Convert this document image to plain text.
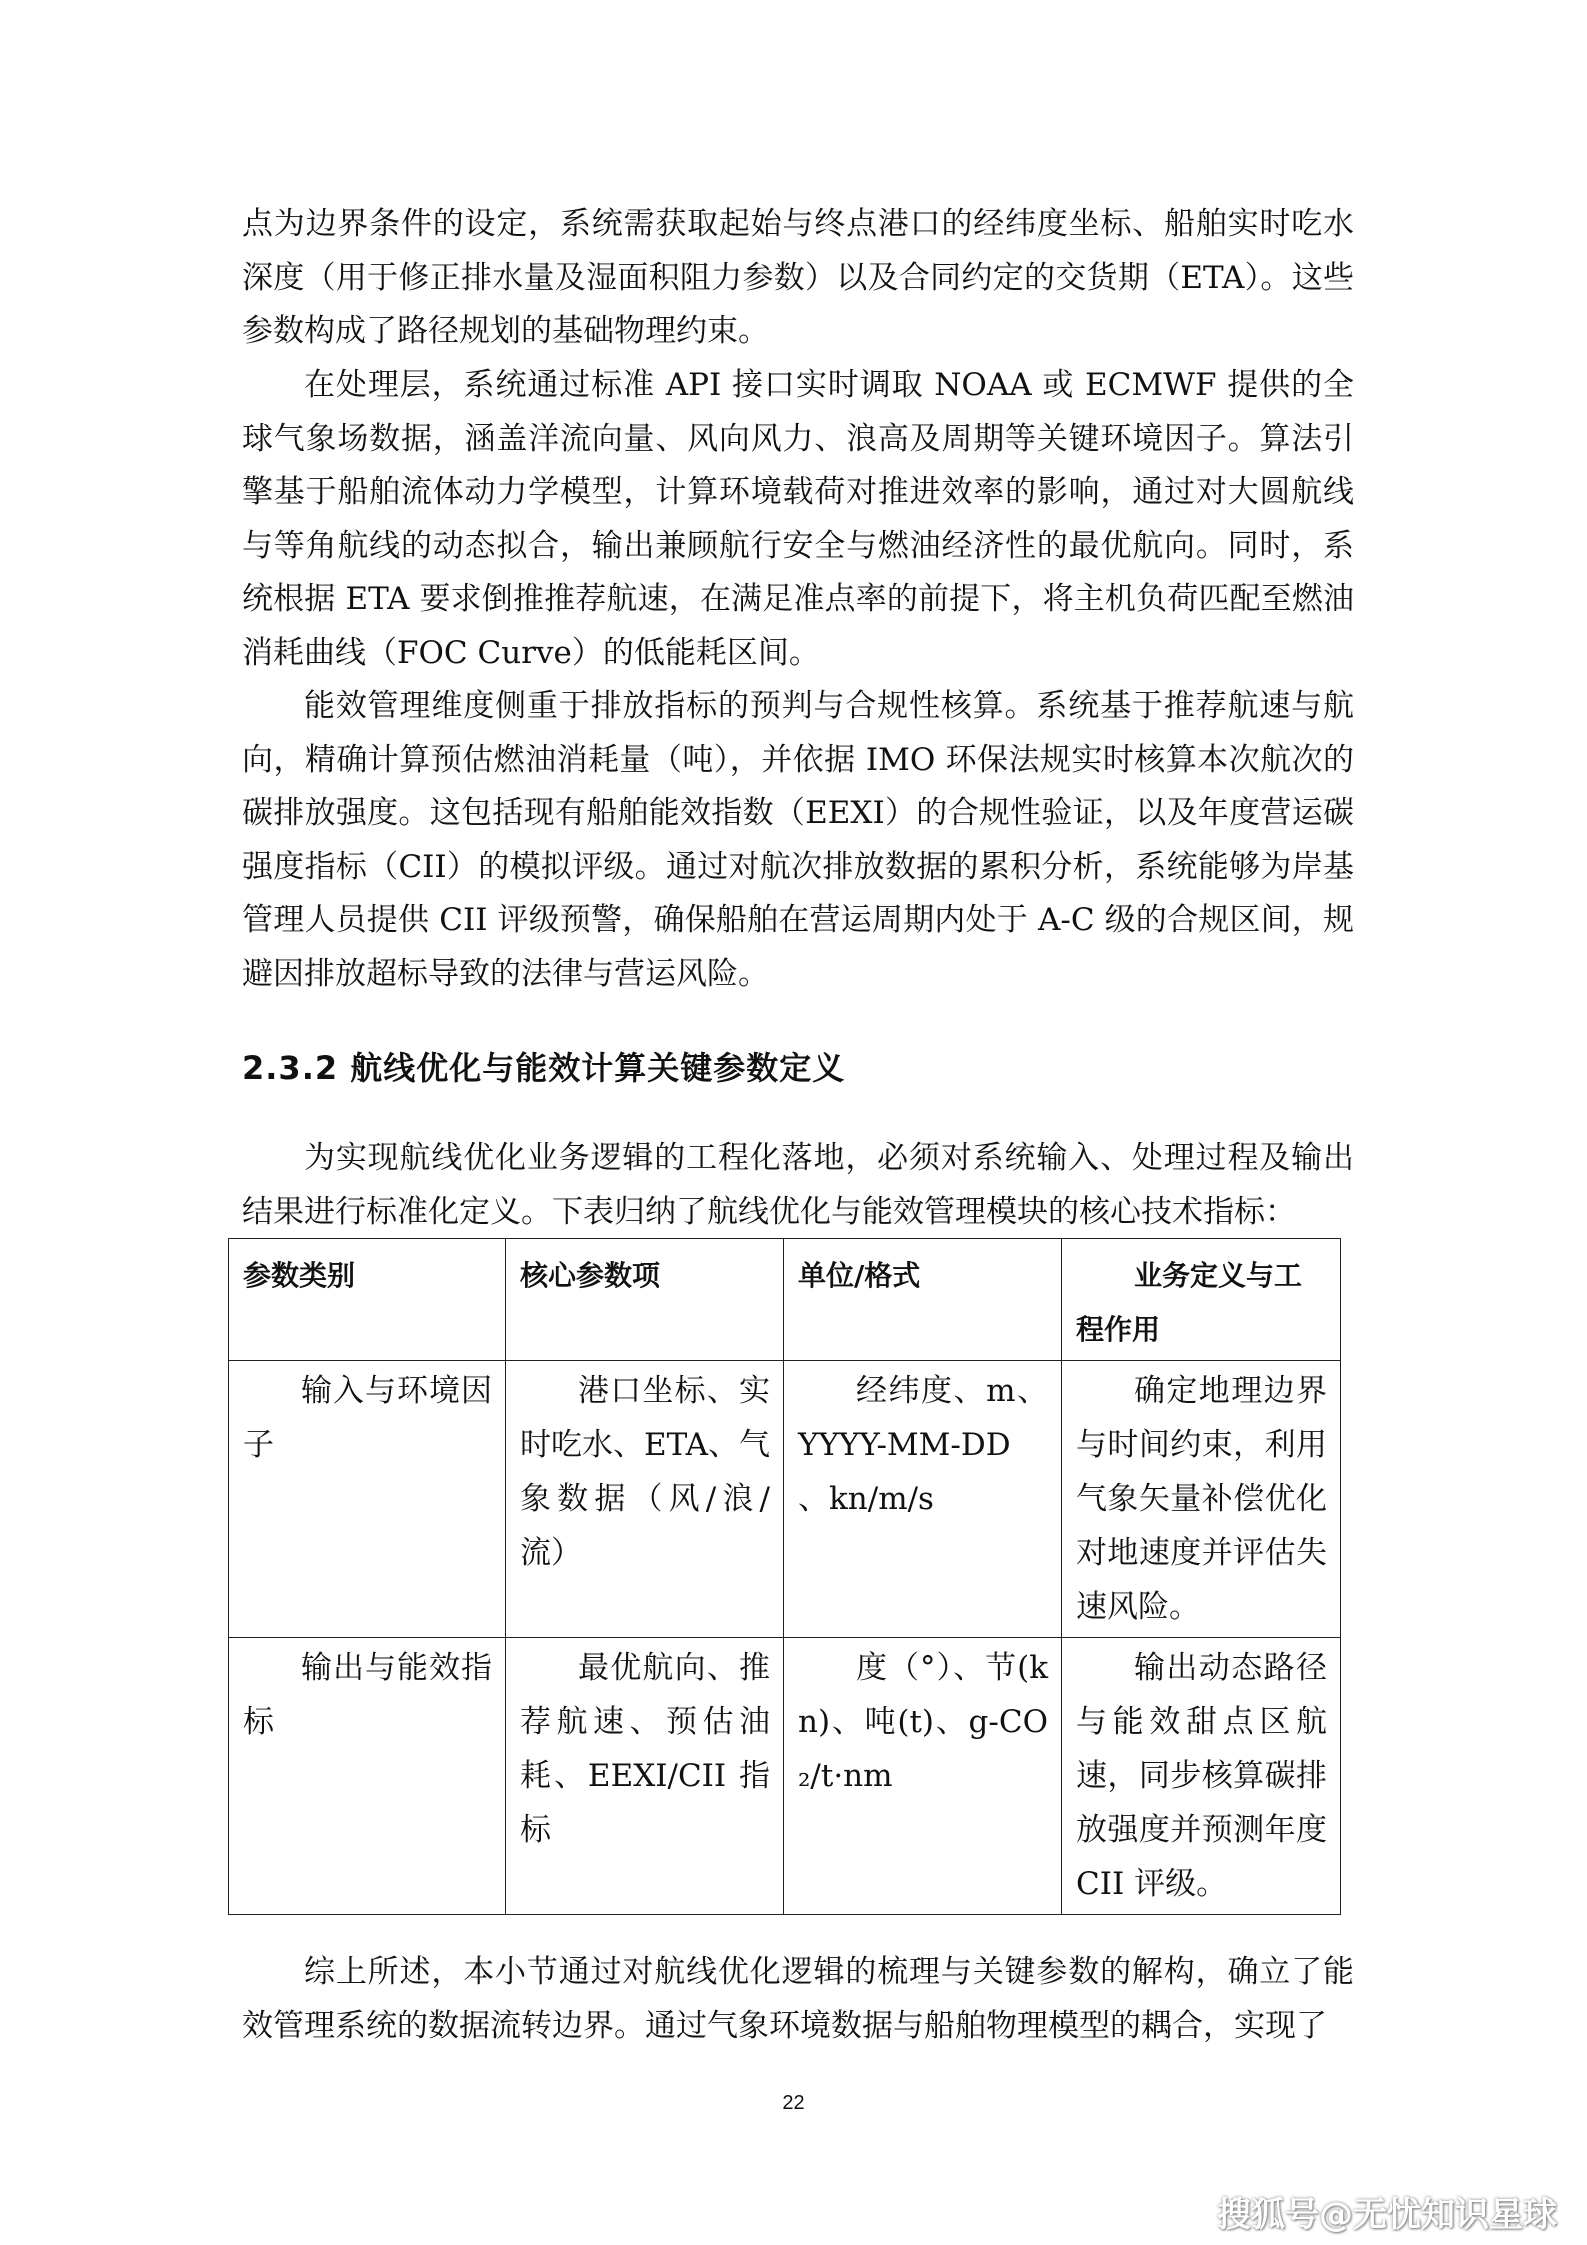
点为边界条件的设定，系统需获取起始与终点港口的经纬度坐标、船舶实时吃水深度（用于修正排水量及湿面积阻力参数）以及合同约定的交货期（ETA）。这些参数构成了路径规划的基础物理约束。

在处理层，系统通过标准 API 接口实时调取 NOAA 或 ECMWF 提供的全球气象场数据，涵盖洋流向量、风向风力、浪高及周期等关键环境因子。算法引擎基于船舶流体动力学模型，计算环境载荷对推进效率的影响，通过对大圆航线与等角航线的动态拟合，输出兼顾航行安全与燃油经济性的最优航向。同时，系统根据 ETA 要求倒推推荐航速，在满足准点率的前提下，将主机负荷匹配至燃油消耗曲线（FOC Curve）的低能耗区间。

能效管理维度侧重于排放指标的预判与合规性核算。系统基于推荐航速与航向，精确计算预估燃油消耗量（吨），并依据 IMO 环保法规实时核算本次航次的碳排放强度。这包括现有船舶能效指数（EEXI）的合规性验证，以及年度营运碳强度指标（CII）的模拟评级。通过对航次排放数据的累积分析，系统能够为岸基管理人员提供 CII 评级预警，确保船舶在营运周期内处于 A-C 级的合规区间，规避因排放超标导致的法律与营运风险。

2.3.2 航线优化与能效计算关键参数定义

为实现航线优化业务逻辑的工程化落地，必须对系统输入、处理过程及输出结果进行标准化定义。下表归纳了航线优化与能效管理模块的核心技术指标：

参数类别	核心参数项	单位/格式	业务定义与工程作用
输入与环境因子	港口坐标、实时吃水、ETA、气象数据（风/浪/流）	经纬度、m、YYYY-MM-DD 、kn/m/s	确定地理边界与时间约束，利用气象矢量补偿优化对地速度并评估失速风险。
输出与能效指标	最优航向、推荐航速、预估油耗、EEXI/CII 指标	度（°）、节(kn)、吨(t)、g-CO₂/t·nm	输出动态路径与能效甜点区航速，同步核算碳排放强度并预测年度 CII 评级。

综上所述，本小节通过对航线优化逻辑的梳理与关键参数的解构，确立了能效管理系统的数据流转边界。通过气象环境数据与船舶物理模型的耦合，实现了

22
搜狐号@无忧知识星球
